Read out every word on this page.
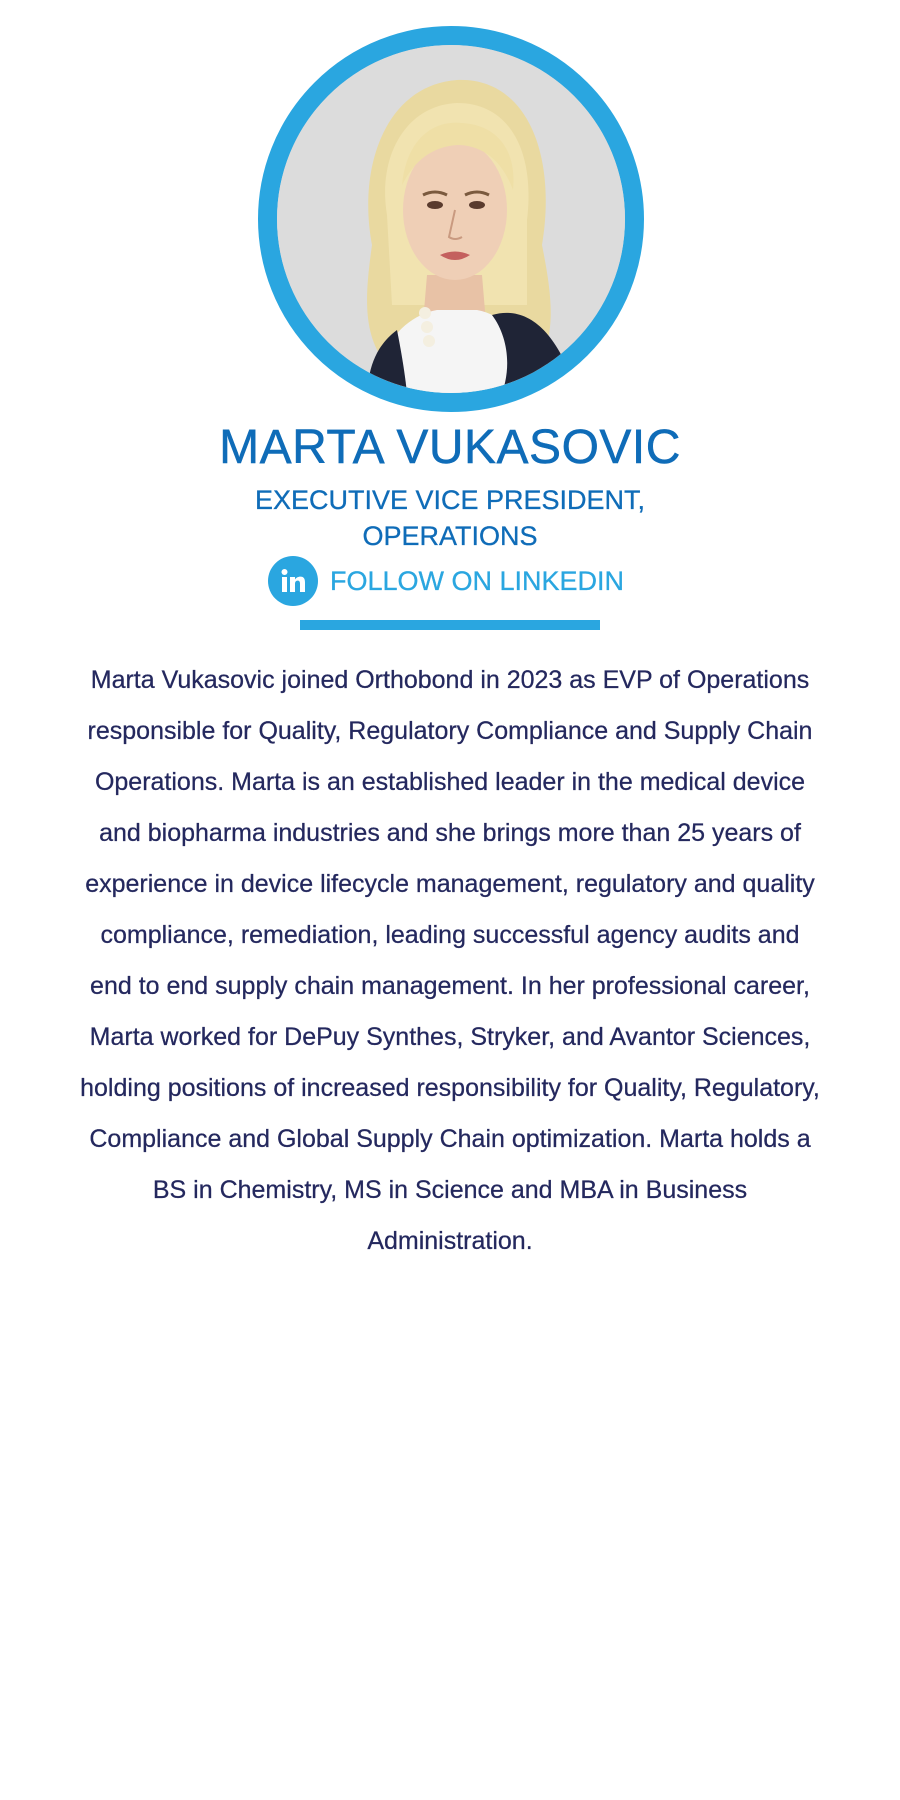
MARTA VUKASOVIC
EXECUTIVE VICE PRESIDENT,
OPERATIONS
FOLLOW ON LINKEDIN
Marta Vukasovic joined Orthobond in 2023 as EVP of Operations responsible for Quality, Regulatory Compliance and Supply Chain Operations. Marta is an established leader in the medical device and biopharma industries and she brings more than 25 years of experience in device lifecycle management, regulatory and quality compliance, remediation, leading successful agency audits and end to end supply chain management. In her professional career, Marta worked for DePuy Synthes, Stryker, and Avantor Sciences, holding positions of increased responsibility for Quality, Regulatory, Compliance and Global Supply Chain optimization. Marta holds a BS in Chemistry, MS in Science and MBA in Business Administration.
